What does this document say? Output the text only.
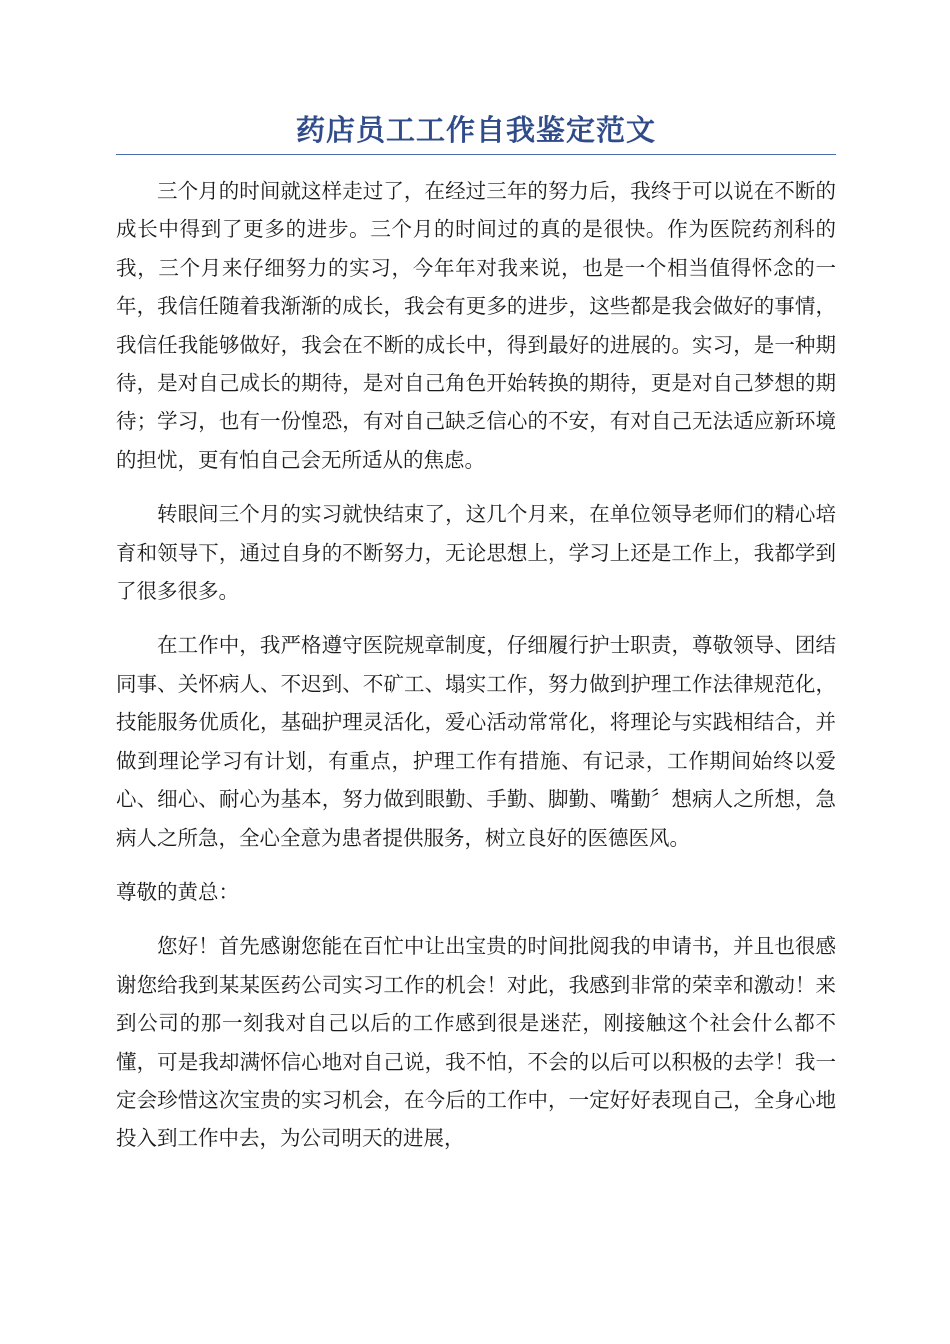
药店员工工作自我鉴定范文

三个月的时间就这样走过了，在经过三年的努力后，我终于可以说在不断的成长中得到了更多的进步。三个月的时间过的真的是很快。作为医院药剂科的我，三个月来仔细努力的实习，今年年对我来说，也是一个相当值得怀念的一年，我信任随着我渐渐的成长，我会有更多的进步，这些都是我会做好的事情，我信任我能够做好，我会在不断的成长中，得到最好的进展的。实习，是一种期待，是对自己成长的期待，是对自己角色开始转换的期待，更是对自己梦想的期待；学习，也有一份惶恐，有对自己缺乏信心的不安，有对自己无法适应新环境的担忧，更有怕自己会无所适从的焦虑。

转眼间三个月的实习就快结束了，这几个月来，在单位领导老师们的精心培育和领导下，通过自身的不断努力，无论思想上，学习上还是工作上，我都学到了很多很多。

在工作中，我严格遵守医院规章制度，仔细履行护士职责，尊敬领导、团结同事、关怀病人、不迟到、不矿工、塌实工作，努力做到护理工作法律规范化，技能服务优质化，基础护理灵活化，爱心活动常常化，将理论与实践相结合，并做到理论学习有计划，有重点，护理工作有措施、有记录，工作期间始终以爱心、细心、耐心为基本，努力做到眼勤、手勤、脚勤、嘴勤〞想病人之所想，急病人之所急，全心全意为患者提供服务，树立良好的医德医风。

尊敬的黄总：

您好！首先感谢您能在百忙中让出宝贵的时间批阅我的申请书，并且也很感谢您给我到某某医药公司实习工作的机会！对此，我感到非常的荣幸和激动！来到公司的那一刻我对自己以后的工作感到很是迷茫，刚接触这个社会什么都不懂，可是我却满怀信心地对自己说，我不怕，不会的以后可以积极的去学！我一定会珍惜这次宝贵的实习机会，在今后的工作中，一定好好表现自己，全身心地投入到工作中去，为公司明天的进展，
